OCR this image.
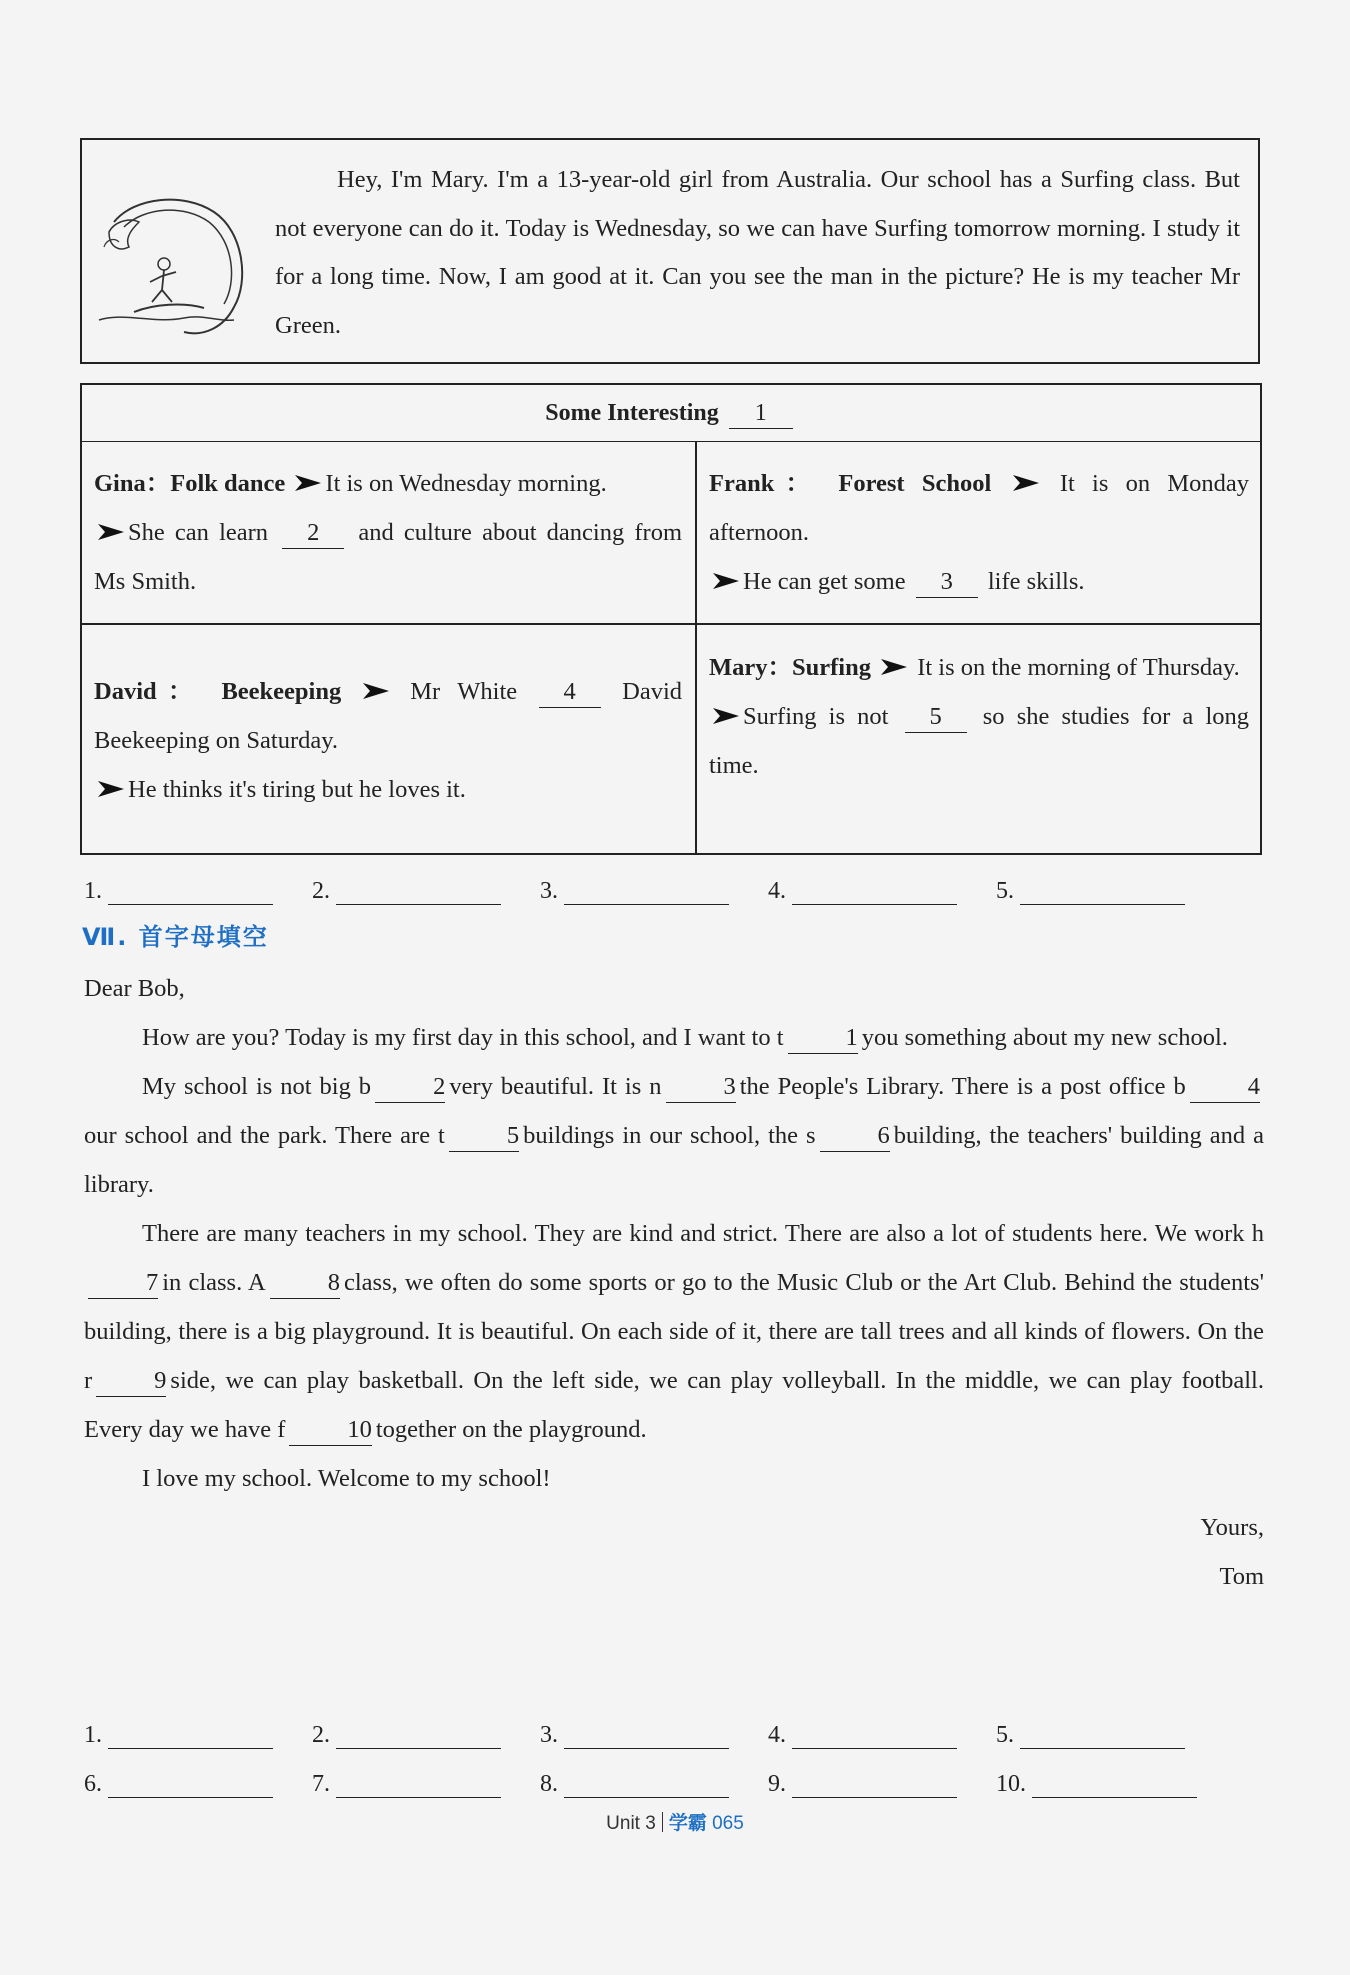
Hey, I'm Mary. I'm a 13-year-old girl from Australia. Our school has a Surfing class. But not everyone can do it. Today is Wednesday, so we can have Surfing tomorrow morning. I study it for a long time. Now, I am good at it. Can you see the man in the picture? He is my teacher Mr Green.
Some Interesting	1
Gina：Folk dance It is on Wednesday morning.
She can learn 2 and culture about dancing from Ms Smith.
Frank： Forest School	It is on Monday afternoon.
He can get some 3 life skills.
David： Beekeeping	Mr White 4 David Beekeeping on Saturday.
He thinks it's tiring but he loves it.
Mary：Surfing It is on the morning of Thursday.
Surfing is not 5 so she studies for a long time.
1.	2.	3.	4.	5.
Ⅶ. 首字母填空

Dear Bob,

How are you? Today is my first day in this school, and I want to t	1 you something about my new school.

My school is not big b	2 very beautiful. It is n	3 the People's Library. There is a post office b	4our school and the park. There are t	5 buildings in our school, the s	6 building, the teachers' building and a library.

There are many teachers in my school. They are kind and strict. There are also a lot of students here. We work h7 in class. A	8 class, we often do some sports or go to the Music Club or the Art Club. Behind the students' building, there is a big playground. It is beautiful. On each side of it, there are tall trees and all kinds of flowers. On the r	9 side, we can play basketball. On the left side, we can play volleyball. In the middle, we can play football. Every day we have f	10 together on the playground.

I love my school. Welcome to my school!

Yours,

Tom

1.	2.	3.	4.	5.
6.	7.	8.	9.	10.
Unit 3 学霸 065
